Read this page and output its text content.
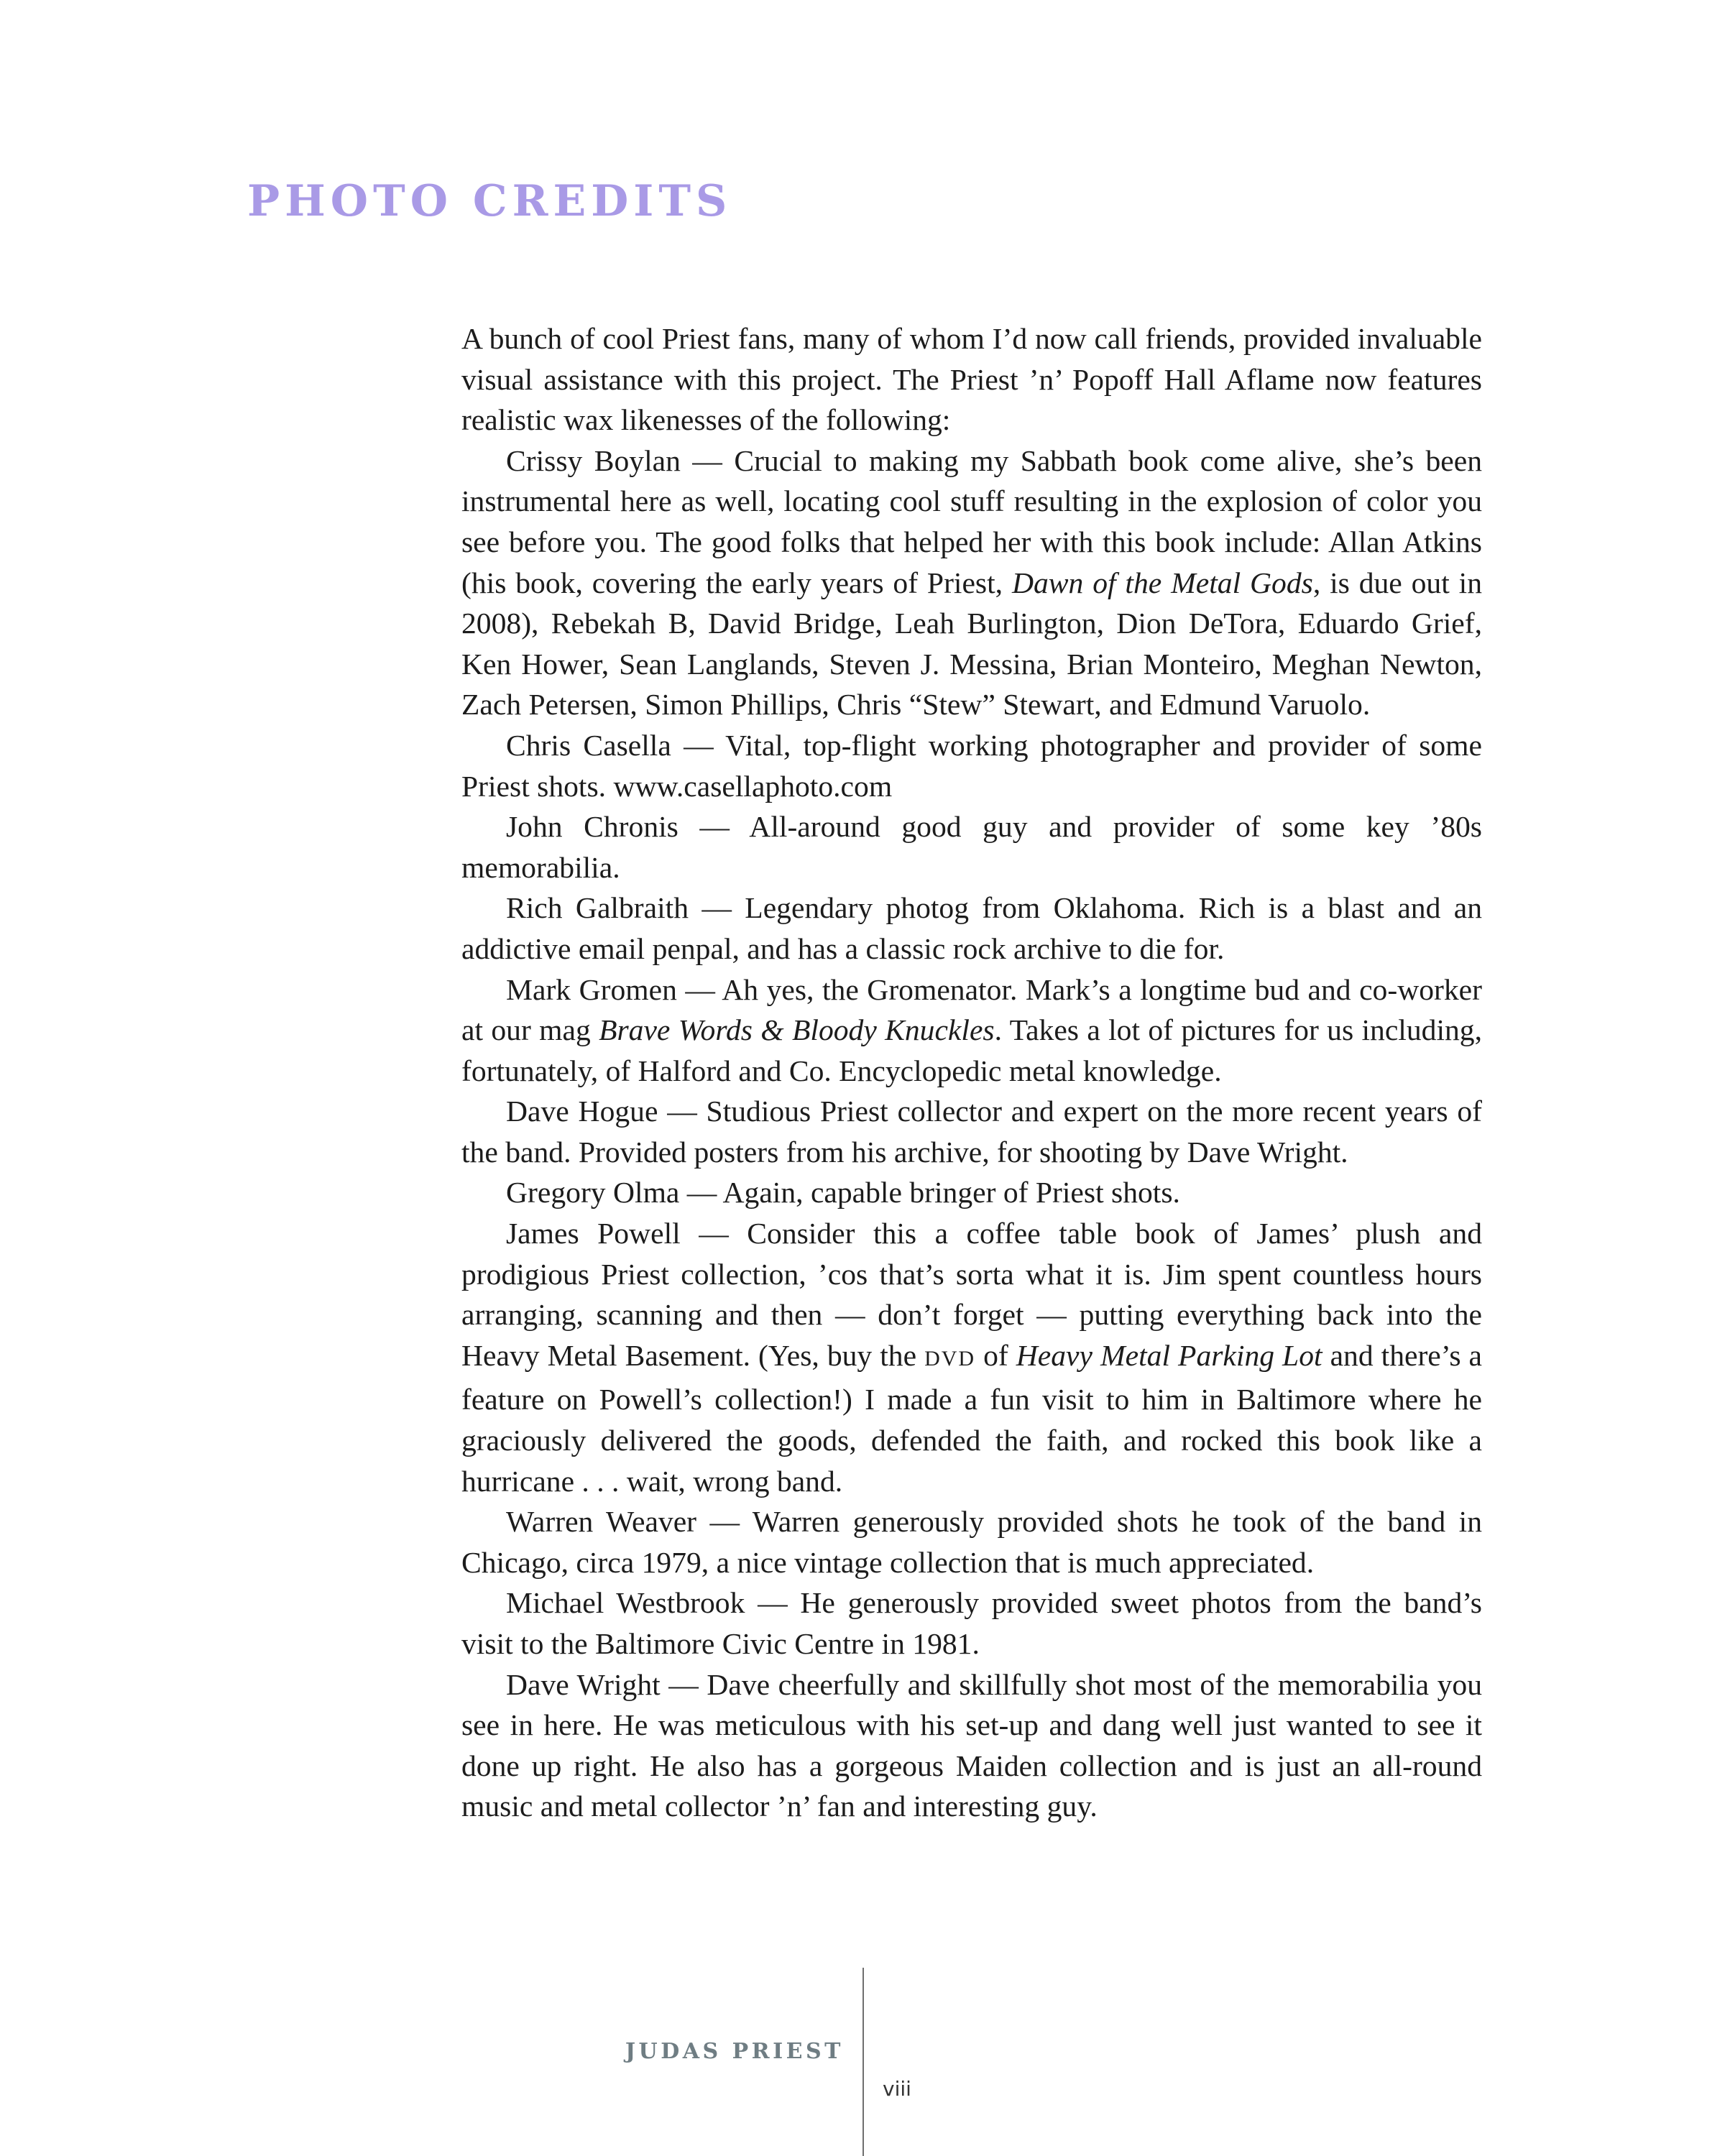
PHOTO CREDITS

A bunch of cool Priest fans, many of whom I’d now call friends, provided invaluable visual assistance with this project. The Priest ’n’ Popoff Hall Aflame now features realistic wax likenesses of the following:

Crissy Boylan — Crucial to making my Sabbath book come alive, she’s been instrumental here as well, locating cool stuff resulting in the explosion of color you see before you. The good folks that helped her with this book include: Allan Atkins (his book, covering the early years of Priest, Dawn of the Metal Gods, is due out in 2008), Rebekah B, David Bridge, Leah Burlington, Dion DeTora, Eduardo Grief, Ken Hower, Sean Langlands, Steven J. Messina, Brian Monteiro, Meghan Newton, Zach Petersen, Simon Phillips, Chris “Stew” Stewart, and Edmund Varuolo.

Chris Casella — Vital, top-flight working photographer and provider of some Priest shots. www.casellaphoto.com

John Chronis — All-around good guy and provider of some key ’80s memorabilia.

Rich Galbraith — Legendary photog from Oklahoma. Rich is a blast and an addictive email penpal, and has a classic rock archive to die for.

Mark Gromen — Ah yes, the Gromenator. Mark’s a longtime bud and co-worker at our mag Brave Words & Bloody Knuckles. Takes a lot of pictures for us including, fortunately, of Halford and Co. Encyclopedic metal knowledge.

Dave Hogue — Studious Priest collector and expert on the more recent years of the band. Provided posters from his archive, for shooting by Dave Wright.

Gregory Olma — Again, capable bringer of Priest shots.

James Powell — Consider this a coffee table book of James’ plush and prodigious Priest collection, ’cos that’s sorta what it is. Jim spent countless hours arranging, scanning and then — don’t forget — putting everything back into the Heavy Metal Basement. (Yes, buy the DVD of Heavy Metal Parking Lot and there’s a feature on Powell’s collection!) I made a fun visit to him in Baltimore where he graciously delivered the goods, defended the faith, and rocked this book like a hurricane . . . wait, wrong band.

Warren Weaver — Warren generously provided shots he took of the band in Chicago, circa 1979, a nice vintage collection that is much appreciated.

Michael Westbrook — He generously provided sweet photos from the band’s visit to the Baltimore Civic Centre in 1981.

Dave Wright — Dave cheerfully and skillfully shot most of the memorabilia you see in here. He was meticulous with his set-up and dang well just wanted to see it done up right. He also has a gorgeous Maiden collection and is just an all-round music and metal collector ’n’ fan and interesting guy.

JUDAS PRIEST
viii
